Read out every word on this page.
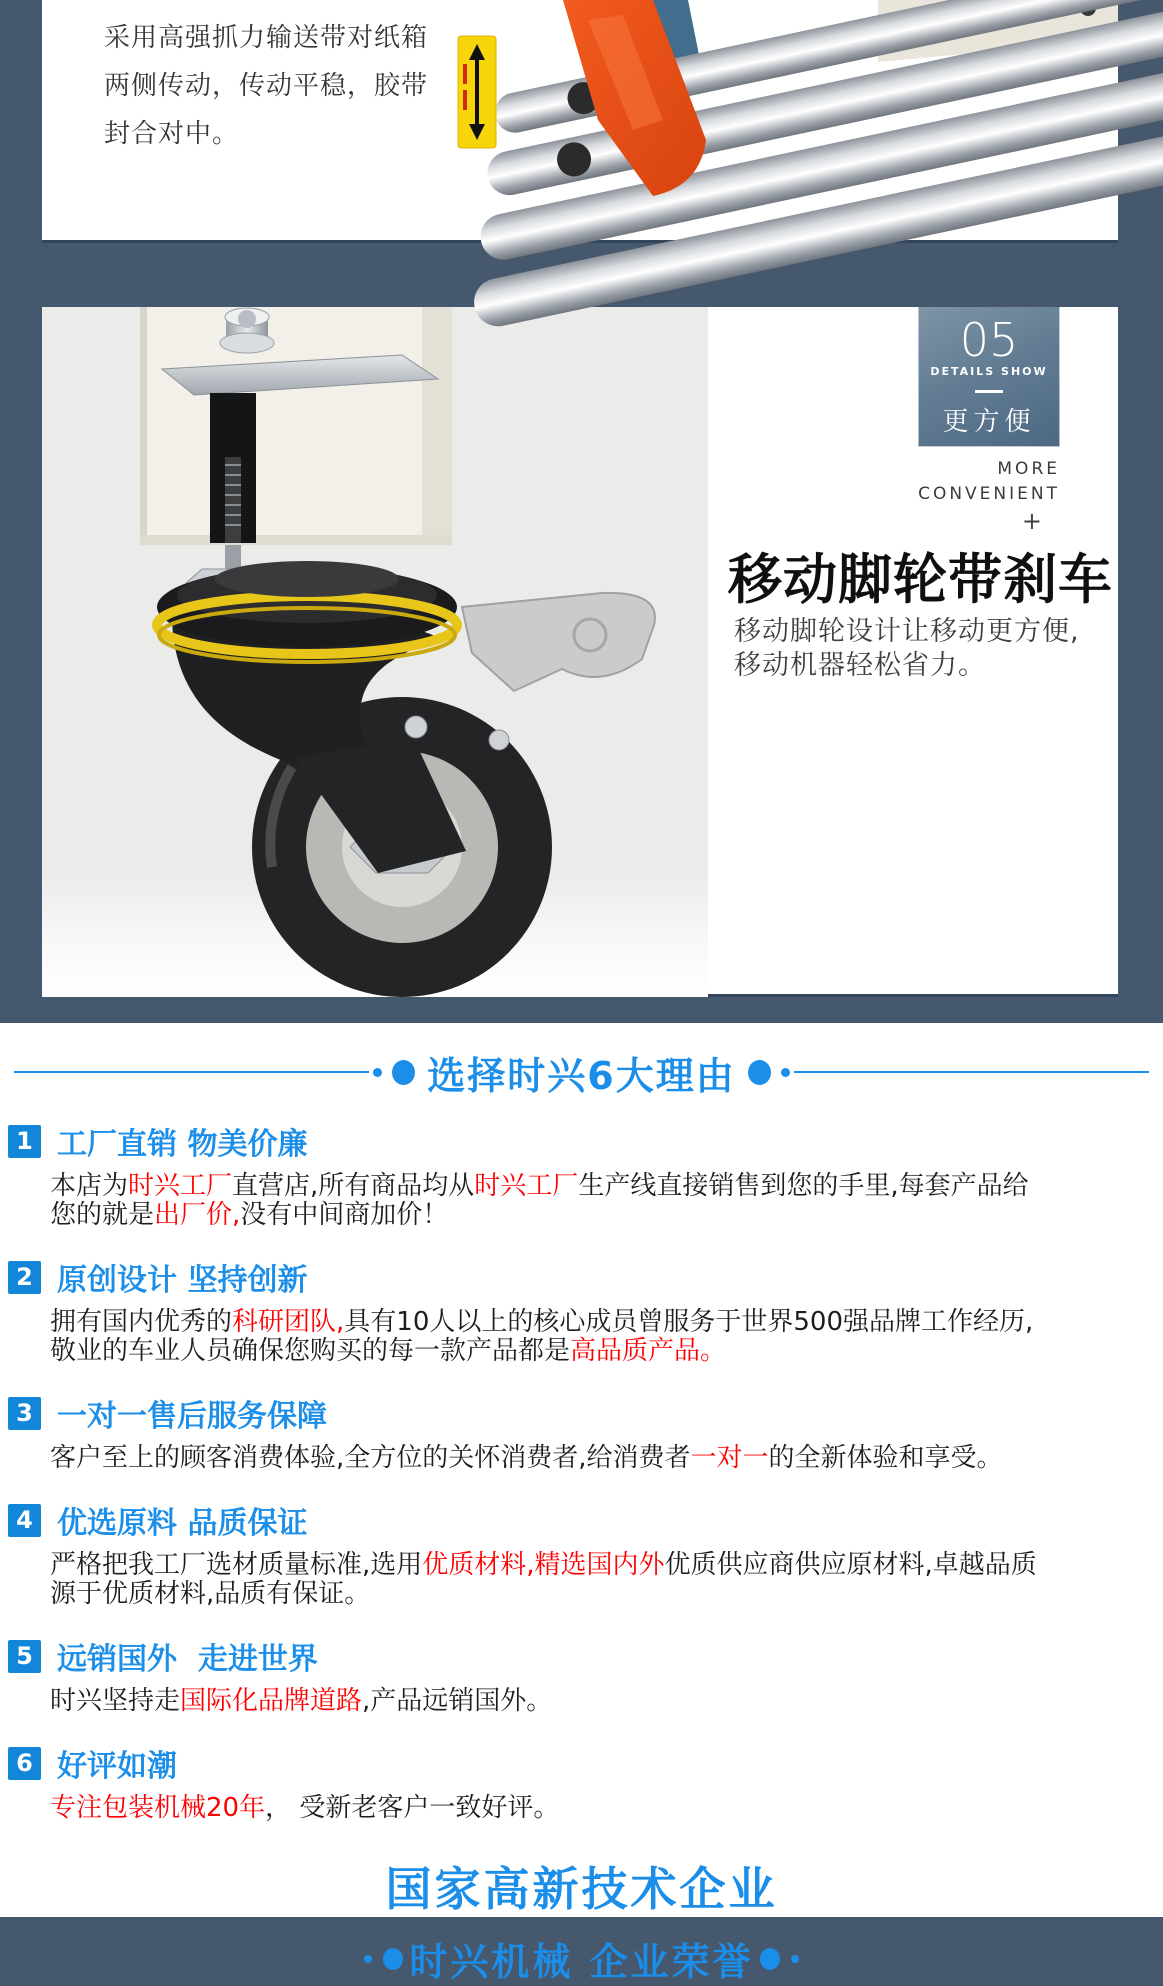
采用高强抓力输送带对纸箱
两侧传动，传动平稳，胶带
封合对中。
05
DETAILS SHOW
更方便
MORE
CONVENIENT
+
移动脚轮带刹车
移动脚轮设计让移动更方便,
移动机器轻松省力。
选择时兴6大理由
1 工厂直销 物美价廉
本店为时兴工厂直营店,所有商品均从时兴工厂生产线直接销售到您的手里,每套产品给
您的就是出厂价,没有中间商加价！
2 原创设计 坚持创新
拥有国内优秀的科研团队,具有10人以上的核心成员曾服务于世界500强品牌工作经历,
敬业的车业人员确保您购买的每一款产品都是高品质产品。
3 一对一售后服务保障
客户至上的顾客消费体验,全方位的关怀消费者,给消费者一对一的全新体验和享受。
4 优选原料 品质保证
严格把我工厂选材质量标准,选用优质材料,精选国内外优质供应商供应原材料,卓越品质
源于优质材料,品质有保证。
5 远销国外  走进世界
时兴坚持走国际化品牌道路,产品远销国外。
6 好评如潮
专注包装机械20年， 受新老客户一致好评。
国家高新技术企业
时兴机械 企业荣誉
